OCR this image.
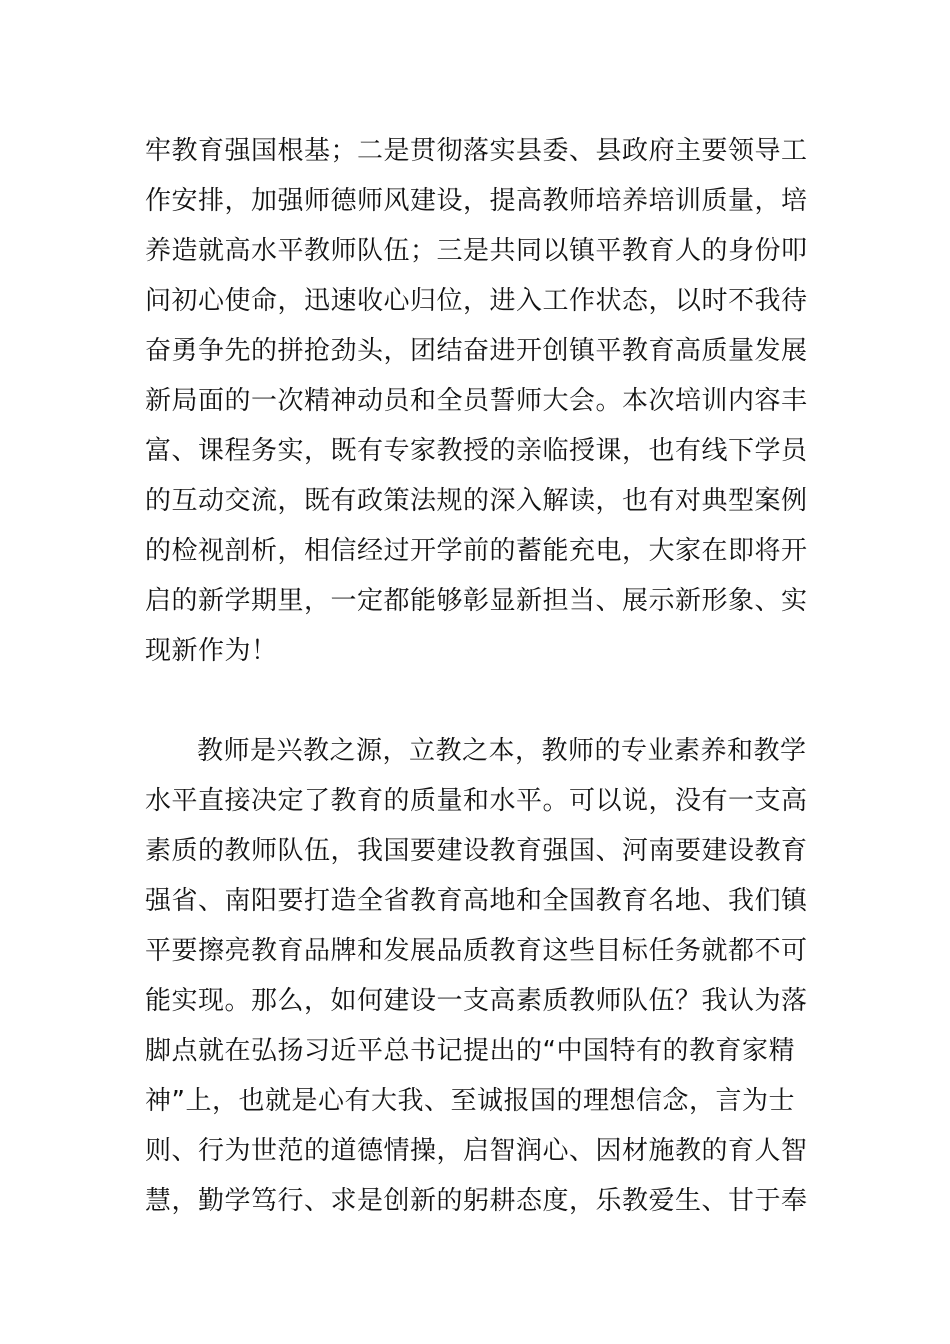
牢教育强国根基；二是贯彻落实县委、县政府主要领导工
作安排，加强师德师风建设，提高教师培养培训质量，培
养造就高水平教师队伍；三是共同以镇平教育人的身份叩
问初心使命，迅速收心归位，进入工作状态，以时不我待
奋勇争先的拼抢劲头，团结奋进开创镇平教育高质量发展
新局面的一次精神动员和全员誓师大会。本次培训内容丰
富、课程务实，既有专家教授的亲临授课，也有线下学员
的互动交流，既有政策法规的深入解读，也有对典型案例
的检视剖析，相信经过开学前的蓄能充电，大家在即将开
启的新学期里，一定都能够彰显新担当、展示新形象、实
现新作为！
教师是兴教之源，立教之本，教师的专业素养和教学
水平直接决定了教育的质量和水平。可以说，没有一支高
素质的教师队伍，我国要建设教育强国、河南要建设教育
强省、南阳要打造全省教育高地和全国教育名地、我们镇
平要擦亮教育品牌和发展品质教育这些目标任务就都不可
能实现。那么，如何建设一支高素质教师队伍？我认为落
脚点就在弘扬习近平总书记提出的“中国特有的教育家精
神”上，也就是心有大我、至诚报国的理想信念，言为士
则、行为世范的道德情操，启智润心、因材施教的育人智
慧，勤学笃行、求是创新的躬耕态度，乐教爱生、甘于奉
